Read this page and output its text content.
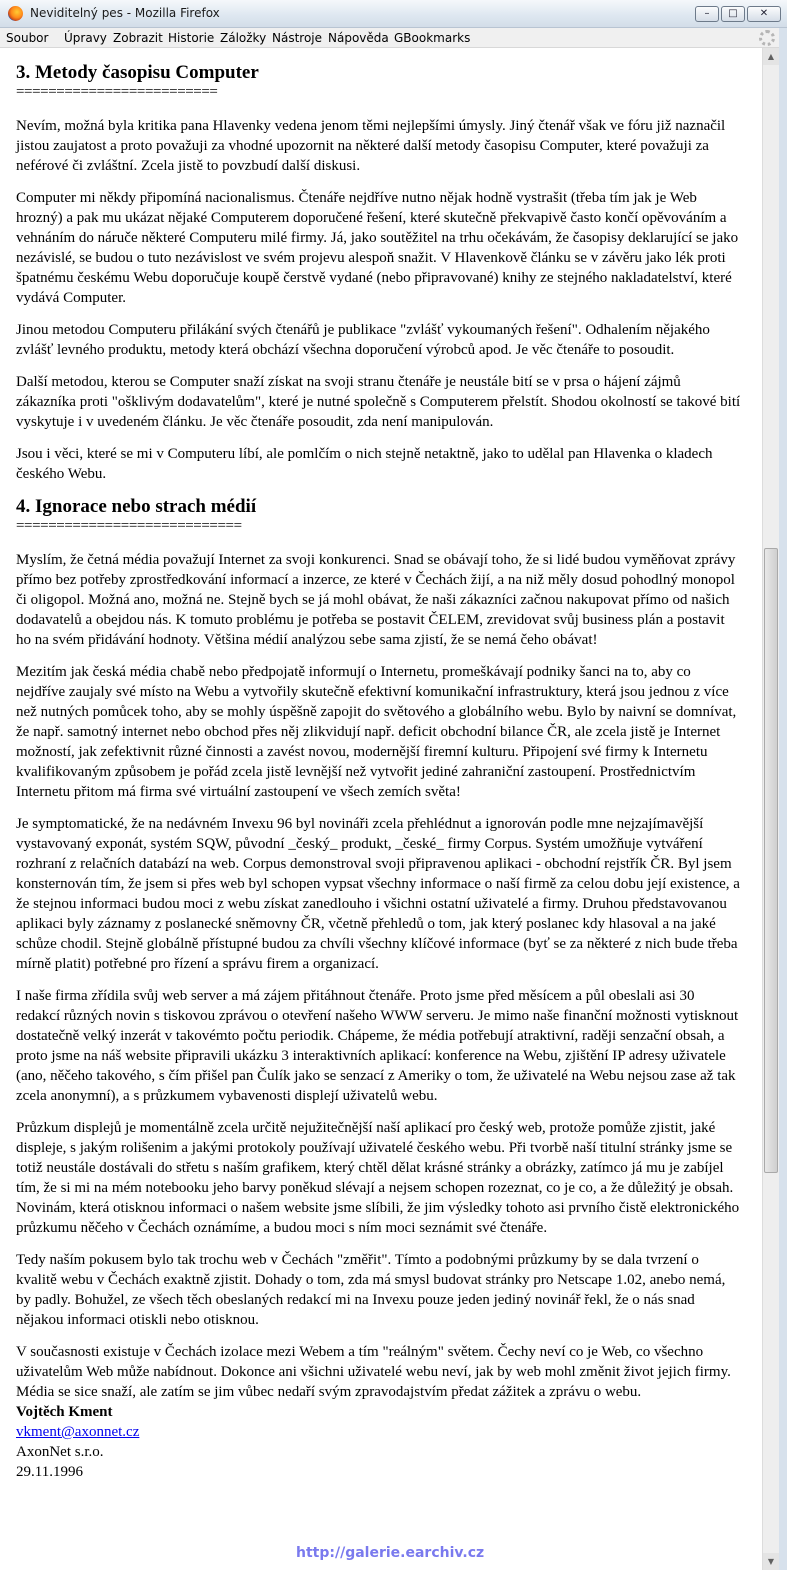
Neviditelný pes - Mozilla Firefox	–	□	✕
Soubor Úpravy Zobrazit Historie Záložky Nástroje Nápověda GBookmarks
3. Metody časopisu Computer
=========================

Nevím, možná byla kritika pana Hlavenky vedena jenom těmi nejlepšími úmysly. Jiný čtenář však ve fóru již naznačil jistou zaujatost a proto považuji za vhodné upozornit na některé další metody časopisu Computer, které považuji za neférové či zvláštní. Zcela jistě to povzbudí další diskusi.

Computer mi někdy připomíná nacionalismus. Čtenáře nejdříve nutno nějak hodně vystrašit (třeba tím jak je Web hrozný) a pak mu ukázat nějaké Computerem doporučené řešení, které skutečně překvapivě často končí opěvováním a vehnáním do náruče některé Computeru milé firmy. Já, jako soutěžitel na trhu očekávám, že časopisy deklarující se jako nezávislé, se budou o tuto nezávislost ve svém projevu alespoň snažit. V Hlavenkově článku se v závěru jako lék proti špatnému českému Webu doporučuje koupě čerstvě vydané (nebo připravované) knihy ze stejného nakladatelství, které vydává Computer.

Jinou metodou Computeru přilákání svých čtenářů je publikace "zvlášť vykoumaných řešení". Odhalením nějakého zvlášť levného produktu, metody která obchází všechna doporučení výrobců apod. Je věc čtenáře to posoudit.

Další metodou, kterou se Computer snaží získat na svoji stranu čtenáře je neustále bití se v prsa o hájení zájmů zákazníka proti "ošklivým dodavatelům", které je nutné společně s Computerem přelstít. Shodou okolností se takové bití vyskytuje i v uvedeném článku. Je věc čtenáře posoudit, zda není manipulován.

Jsou i věci, které se mi v Computeru líbí, ale pomlčím o nich stejně netaktně, jako to udělal pan Hlavenka o kladech českého Webu.

4. Ignorace nebo strach médií
============================

Myslím, že četná média považují Internet za svoji konkurenci. Snad se obávají toho, že si lidé budou vyměňovat zprávy přímo bez potřeby zprostředkování informací a inzerce, ze které v Čechách žijí, a na niž měly dosud pohodlný monopol či oligopol. Možná ano, možná ne. Stejně bych se já mohl obávat, že naši zákazníci začnou nakupovat přímo od našich dodavatelů a obejdou nás. K tomuto problému je potřeba se postavit ČELEM, zrevidovat svůj business plán a postavit ho na svém přidávání hodnoty. Většina médií analýzou sebe sama zjistí, že se nemá čeho obávat!

Mezitím jak česká média chabě nebo předpojatě informují o Internetu, promeškávají podniky šanci na to, aby co nejdříve zaujaly své místo na Webu a vytvořily skutečně efektivní komunikační infrastruktury, která jsou jednou z více než nutných pomůcek toho, aby se mohly úspěšně zapojit do světového a globálního webu. Bylo by naivní se domnívat, že např. samotný internet nebo obchod přes něj zlikvidují např. deficit obchodní bilance ČR, ale zcela jistě je Internet možností, jak zefektivnit různé činnosti a zavést novou, modernější firemní kulturu. Připojení své firmy k Internetu kvalifikovaným způsobem je pořád zcela jistě levnější než vytvořit jediné zahraniční zastoupení. Prostřednictvím Internetu přitom má firma své virtuální zastoupení ve všech zemích světa!

Je symptomatické, že na nedávném Invexu 96 byl novináři zcela přehlédnut a ignorován podle mne nejzajímavější vystavovaný exponát, systém SQW, původní _český_ produkt, _české_ firmy Corpus. Systém umožňuje vytváření rozhraní z relačních databází na web. Corpus demonstroval svoji připravenou aplikaci - obchodní rejstřík ČR. Byl jsem konsternován tím, že jsem si přes web byl schopen vypsat všechny informace o naší firmě za celou dobu její existence, a že stejnou informaci budou moci z webu získat zanedlouho i všichni ostatní uživatelé a firmy. Druhou představovanou aplikaci byly záznamy z poslanecké sněmovny ČR, včetně přehledů o tom, jak který poslanec kdy hlasoval a na jaké schůze chodil. Stejně globálně přístupné budou za chvíli všechny klíčové informace (byť se za některé z nich bude třeba mírně platit) potřebné pro řízení a správu firem a organizací.

I naše firma zřídila svůj web server a má zájem přitáhnout čtenáře. Proto jsme před měsícem a půl obeslali asi 30 redakcí různých novin s tiskovou zprávou o otevření našeho WWW serveru. Je mimo naše finanční možnosti vytisknout dostatečně velký inzerát v takovémto počtu periodik. Chápeme, že média potřebují atraktivní, raději senzační obsah, a proto jsme na náš website připravili ukázku 3 interaktivních aplikací: konference na Webu, zjištění IP adresy uživatele (ano, něčeho takového, s čím přišel pan Čulík jako se senzací z Ameriky o tom, že uživatelé na Webu nejsou zase až tak zcela anonymní), a s průzkumem vybavenosti displejí uživatelů webu.

Průzkum displejů je momentálně zcela určitě nejužitečnější naší aplikací pro český web, protože pomůže zjistit, jaké displeje, s jakým rolišenim a jakými protokoly používají uživatelé českého webu. Při tvorbě naší titulní stránky jsme se totiž neustále dostávali do střetu s naším grafikem, který chtěl dělat krásné stránky a obrázky, zatímco já mu je zabíjel tím, že si mi na mém notebooku jeho barvy poněkud slévají a nejsem schopen rozeznat, co je co, a že důležitý je obsah. Novinám, která otisknou informaci o našem website jsme slíbili, že jim výsledky tohoto asi prvního čistě elektronického průzkumu něčeho v Čechách oznámíme, a budou moci s ním moci seznámit své čtenáře.

Tedy naším pokusem bylo tak trochu web v Čechách "změřit". Tímto a podobnými průzkumy by se dala tvrzení o kvalitě webu v Čechách exaktně zjistit. Dohady o tom, zda má smysl budovat stránky pro Netscape 1.02, anebo nemá, by padly. Bohužel, ze všech těch obeslaných redakcí mi na Invexu pouze jeden jediný novinář řekl, že o nás snad nějakou informaci otiskli nebo otisknou.

V současnosti existuje v Čechách izolace mezi Webem a tím "reálným" světem. Čechy neví co je Web, co všechno uživatelům Web může nabídnout. Dokonce ani všichni uživatelé webu neví, jak by web mohl změnit život jejich firmy. Média se sice snaží, ale zatím se jim vůbec nedaří svým zpravodajstvím předat zážitek a zprávu o webu.

Vojtěch Kment
vkment@axonnet.cz
AxonNet s.r.o.
29.11.1996
▲
▼
http://galerie.earchiv.cz
